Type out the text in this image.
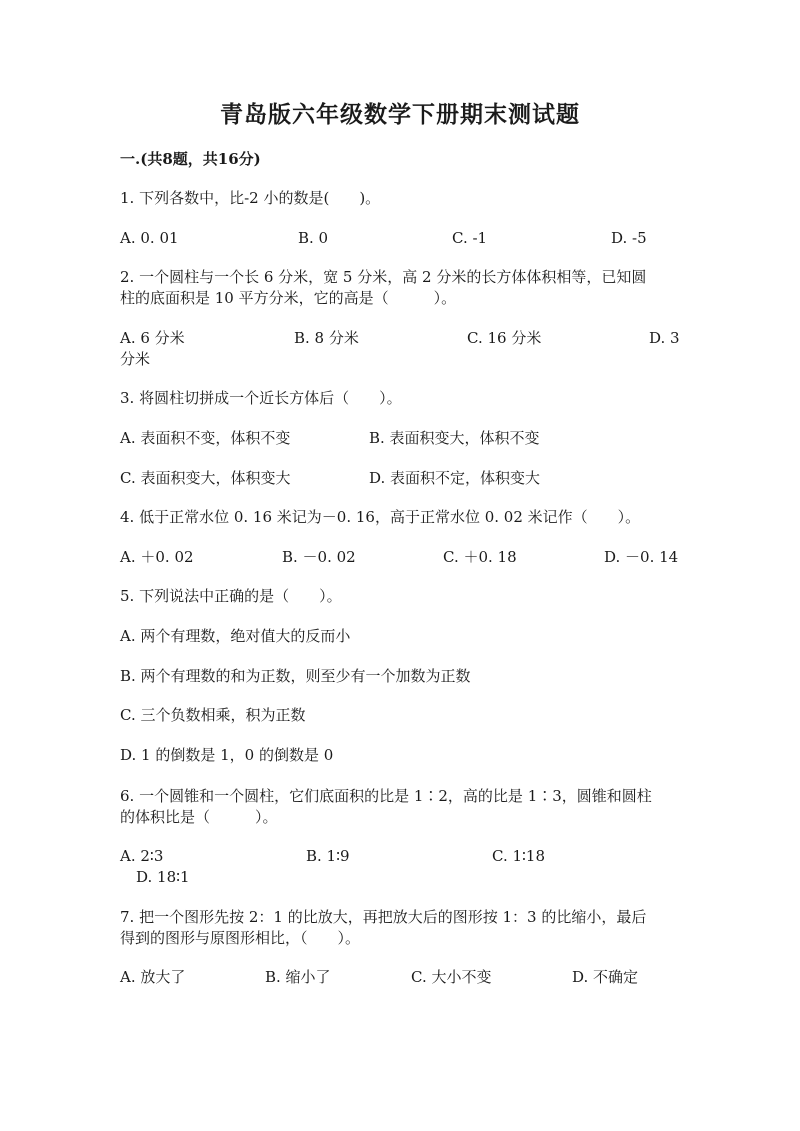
青岛版六年级数学下册期末测试题
一.(共8题，共16分)
1. 下列各数中，比-2 小的数是(　　)。
A. 0. 01	B. 0	C. -1	D. -5
2. 一个圆柱与一个长 6 分米，宽 5 分米，高 2 分米的长方体体积相等，已知圆
柱的底面积是 10 平方分米，它的高是（　　　）。
A. 6 分米	B. 8 分米	C. 16 分米	D. 3
分米
3. 将圆柱切拼成一个近长方体后（　　）。
A. 表面积不变，体积不变	B. 表面积变大，体积不变
C. 表面积变大，体积变大	D. 表面积不定，体积变大
4. 低于正常水位 0. 16 米记为－0. 16，高于正常水位 0. 02 米记作（　　）。
A. ＋0. 02	B. －0. 02	C. ＋0. 18	D. －0. 14
5. 下列说法中正确的是（　　）。
A. 两个有理数，绝对值大的反而小
B. 两个有理数的和为正数，则至少有一个加数为正数
C. 三个负数相乘，积为正数
D. 1 的倒数是 1，0 的倒数是 0
6. 一个圆锥和一个圆柱，它们底面积的比是 1∶2，高的比是 1∶3，圆锥和圆柱
的体积比是（　　　）。
A. 2∶3	B. 1∶9	C. 1∶18
D. 18∶1
7. 把一个图形先按 2：1 的比放大，再把放大后的图形按 1：3 的比缩小，最后
得到的图形与原图形相比，（　　）。
A. 放大了	B. 缩小了	C. 大小不变	D. 不确定
